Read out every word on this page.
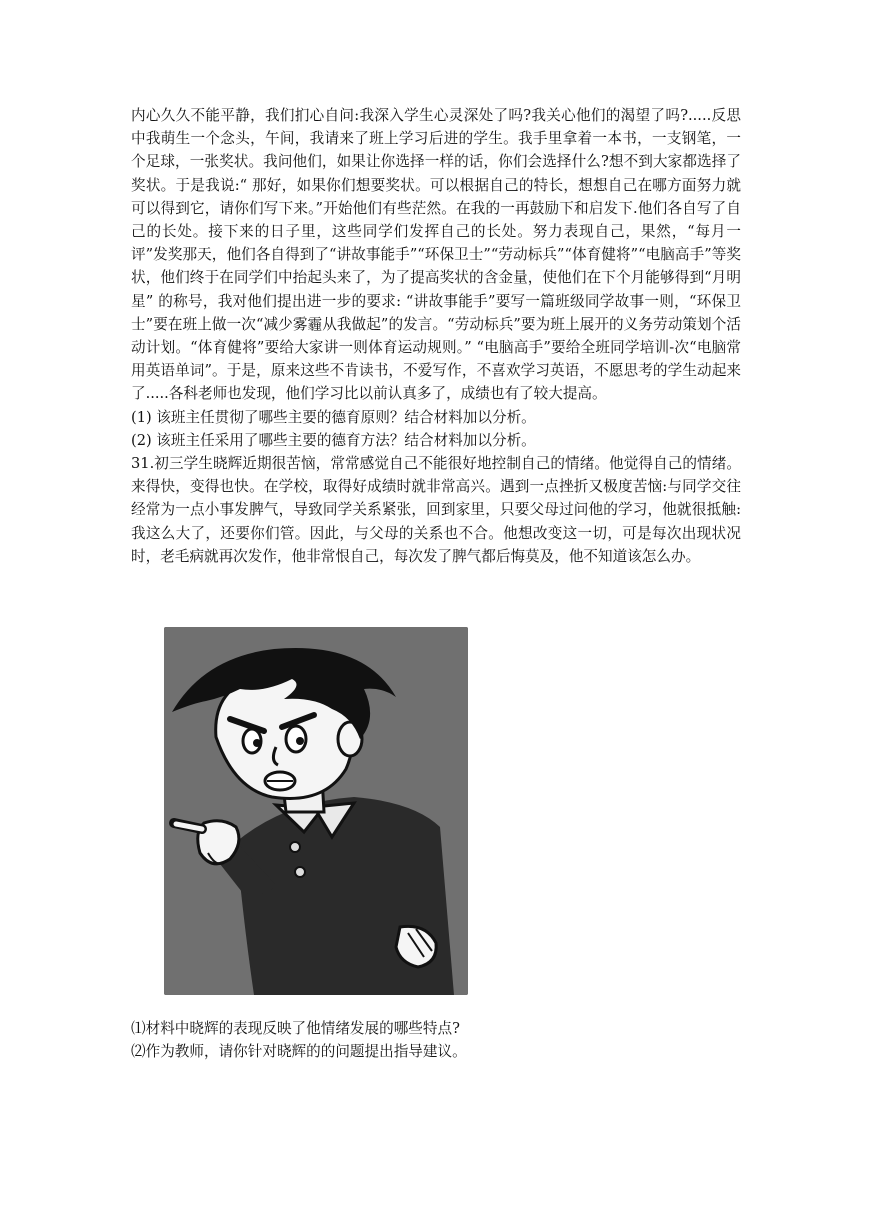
内心久久不能平静，我们扪心自问:我深入学生心灵深处了吗?我关心他们的渴望了吗?.....反思中我萌生一个念头，午间，我请来了班上学习后进的学生。我手里拿着一本书，一支钢笔，一个足球，一张奖状。我问他们，如果让你选择一样的话，你们会选择什么?想不到大家都选择了奖状。于是我说:“ 那好，如果你们想要奖状。可以根据自己的特长，想想自己在哪方面努力就可以得到它，请你们写下来。”开始他们有些茫然。在我的一再鼓励下和启发下.他们各自写了自己的长处。接下来的日子里，这些同学们发挥自己的长处。努力表现自己，果然，“每月一评”发奖那天，他们各自得到了“讲故事能手”“环保卫士”“劳动标兵”“体育健将”“电脑高手”等奖状，他们终于在同学们中抬起头来了，为了提高奖状的含金量，使他们在下个月能够得到“月明星” 的称号，我对他们提出进一步的要求: “讲故事能手”要写一篇班级同学故事一则，“环保卫士”要在班上做一次“减少雾霾从我做起”的发言。“劳动标兵”要为班上展开的义务劳动策划个活动计划。“体育健将”要给大家讲一则体育运动规则。” “电脑高手”要给全班同学培训-次“电脑常用英语单词”。于是，原来这些不肯读书，不爱写作，不喜欢学习英语，不愿思考的学生动起来了.....各科老师也发现，他们学习比以前认真多了，成绩也有了较大提高。

(1) 该班主任贯彻了哪些主要的德育原则？结合材料加以分析。

(2) 该班主任采用了哪些主要的德育方法？结合材料加以分析。

31.初三学生晓辉近期很苦恼，常常感觉自己不能很好地控制自己的情绪。他觉得自己的情绪。来得快，变得也快。在学校，取得好成绩时就非常高兴。遇到一点挫折又极度苦恼:与同学交往经常为一点小事发脾气，导致同学关系紧张，回到家里，只要父母过问他的学习，他就很抵触:我这么大了，还要你们管。因此，与父母的关系也不合。他想改变这一切，可是每次出现状况时，老毛病就再次发作，他非常恨自己，每次发了脾气都后悔莫及，他不知道该怎么办。

⑴材料中晓辉的表现反映了他情绪发展的哪些特点?

⑵作为教师，请你针对晓辉的的问题提出指导建议。
